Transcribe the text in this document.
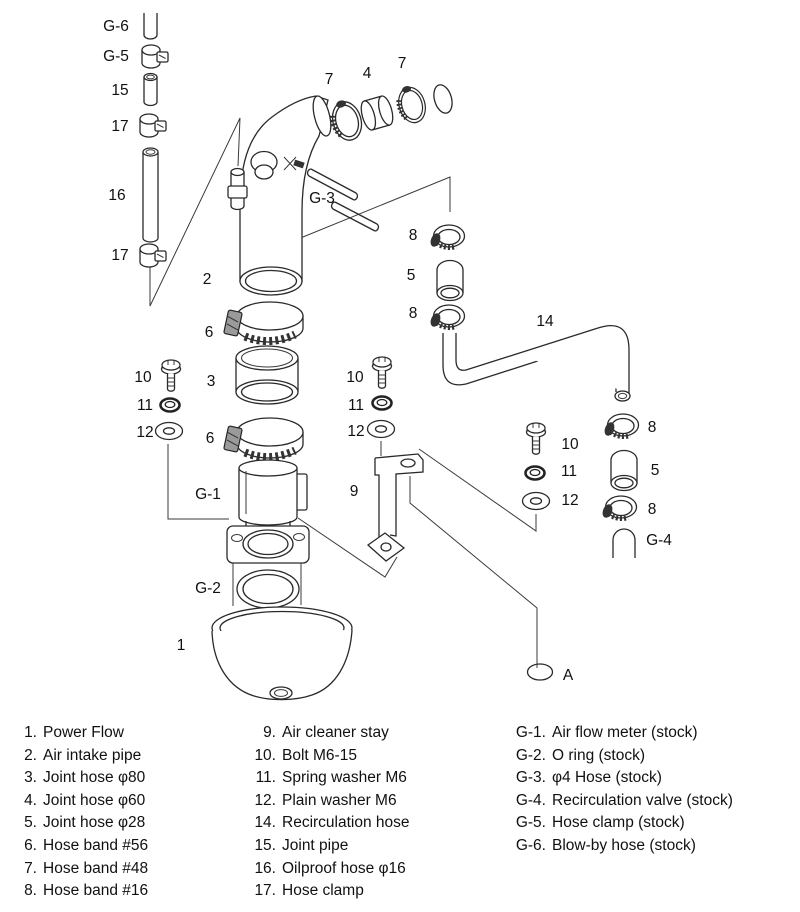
G-6
G-5
15
17
16
17
7 4
7
G-3
2
6
3
6
10
11
12
G-1
G-2
1
8
5
8	14
10
11
12
9
10
11
12
8
5
8
G-4
A
1. Power Flow
2. Air intake pipe
3. Joint hose φ80
4. Joint hose φ60
5. Joint hose φ28
6. Hose band #56
7. Hose band #48
8. Hose band #16
9. Air cleaner stay
10. Bolt M6-15
11. Spring washer M6
12. Plain washer M6
14. Recirculation hose
15. Joint pipe
16. Oilproof hose φ16
17. Hose clamp
G-1. Air flow meter (stock)
G-2. O ring (stock)
G-3. φ4 Hose (stock)
G-4. Recirculation valve (stock)
G-5. Hose clamp (stock)
G-6. Blow-by hose (stock)
